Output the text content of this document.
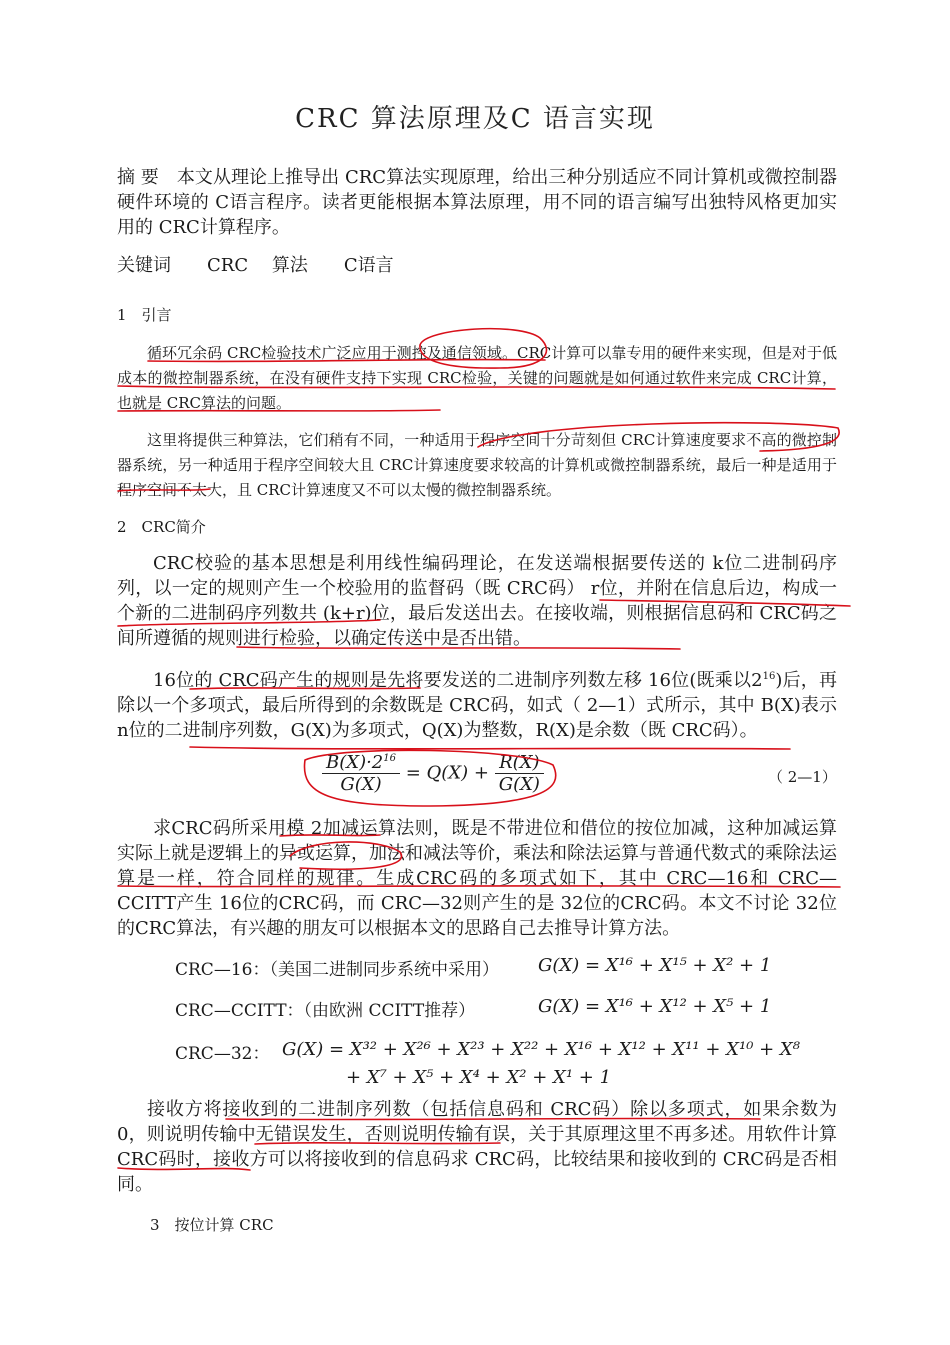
CRC 算法原理及C 语言实现
摘 要　本文从理论上推导出 CRC算法实现原理，给出三种分别适应不同计算机或微控制器硬件环境的 C语言程序。读者更能根据本算法原理，用不同的语言编写出独特风格更加实用的 CRC计算程序。
关键词　　CRC　 算法　　C语言
1　引言
循环冗余码 CRC检验技术广泛应用于测控及通信领域。CRC计算可以靠专用的硬件来实现，但是对于低成本的微控制器系统，在没有硬件支持下实现 CRC检验，关键的问题就是如何通过软件来完成 CRC计算，也就是 CRC算法的问题。
这里将提供三种算法，它们稍有不同，一种适用于程序空间十分苛刻但 CRC计算速度要求不高的微控制器系统，另一种适用于程序空间较大且 CRC计算速度要求较高的计算机或微控制器系统，最后一种是适用于程序空间不太大，且 CRC计算速度又不可以太慢的微控制器系统。
2　CRC简介
CRC校验的基本思想是利用线性编码理论，在发送端根据要传送的 k位二进制码序列，以一定的规则产生一个校验用的监督码（既 CRC码） r位，并附在信息后边，构成一个新的二进制码序列数共 (k+r)位，最后发送出去。在接收端，则根据信息码和 CRC码之间所遵循的规则进行检验，以确定传送中是否出错。
16位的 CRC码产生的规则是先将要发送的二进制序列数左移 16位(既乘以$2^{16}$)后，再除以一个多项式，最后所得到的余数既是 CRC码，如式（ 2—1）式所示，其中 B(X)表示 n位的二进制序列数，G(X)为多项式，Q(X)为整数，R(X)是余数（既 CRC码）。
$\frac{B(X)\cdot 2^{16}}{G(X)} = Q(X) + \frac{R(X)}{G(X)}$	（ 2—1）
求CRC码所采用模 2加减运算法则，既是不带进位和借位的按位加减，这种加减运算实际上就是逻辑上的异或运算，加法和减法等价，乘法和除法运算与普通代数式的乘除法运算是一样，符合同样的规律。生成CRC码的多项式如下，其中 CRC—16和 CRC—CCITT产生 16位的CRC码，而 CRC—32则产生的是 32位的CRC码。本文不讨论 32位的CRC算法，有兴趣的朋友可以根据本文的思路自己去推导计算方法。
CRC—16：（美国二进制同步系统中采用） G(X) = X¹⁶ + X¹⁵ + X² + 1
CRC—CCITT：（由欧洲 CCITT推荐）	G(X) = X¹⁶ + X¹² + X⁵ + 1
CRC—32： G(X) = X³² + X²⁶ + X²³ + X²² + X¹⁶ + X¹² + X¹¹ + X¹⁰ + X⁸
+ X⁷ + X⁵ + X⁴ + X² + X¹ + 1
接收方将接收到的二进制序列数（包括信息码和 CRC码）除以多项式，如果余数为 0，则说明传输中无错误发生，否则说明传输有误，关于其原理这里不再多述。用软件计算 CRC码时，接收方可以将接收到的信息码求 CRC码，比较结果和接收到的 CRC码是否相同。
3　按位计算 CRC
